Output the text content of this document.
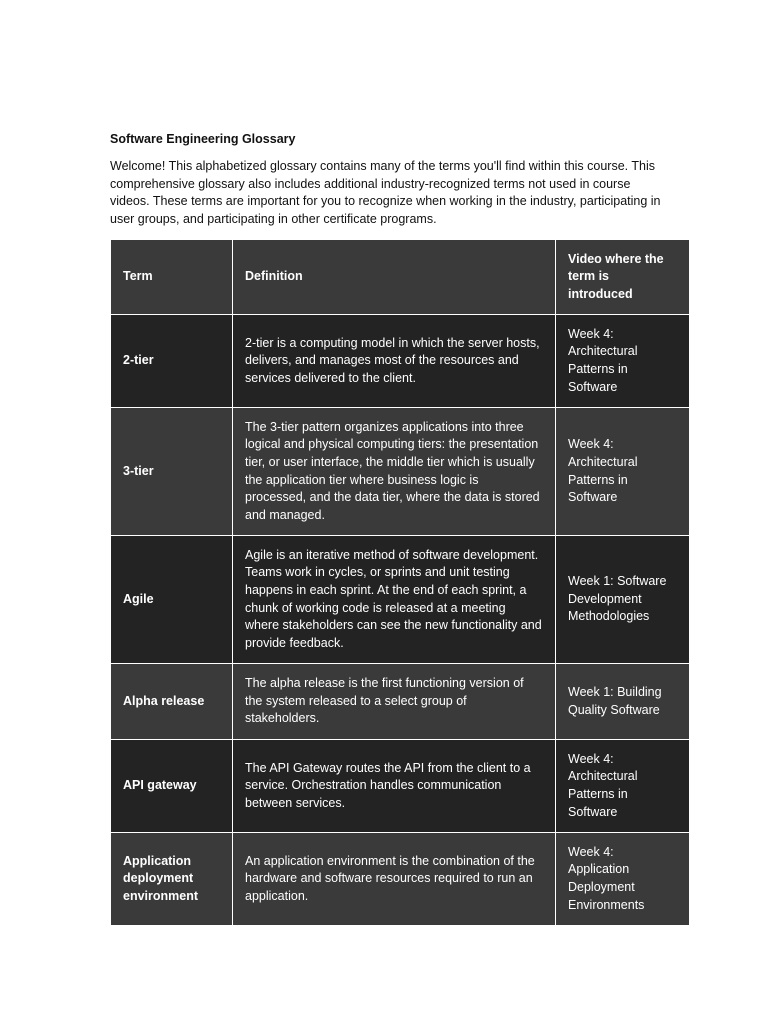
Software Engineering Glossary
Welcome! This alphabetized glossary contains many of the terms you'll find within this course. This comprehensive glossary also includes additional industry-recognized terms not used in course videos. These terms are important for you to recognize when working in the industry, participating in user groups, and participating in other certificate programs.
Term	Definition	Video where the term is introduced
2-tier	2-tier is a computing model in which the server hosts, delivers, and manages most of the resources and services delivered to the client.	Week 4: Architectural Patterns in Software
3-tier	The 3-tier pattern organizes applications into three logical and physical computing tiers: the presentation tier, or user interface, the middle tier which is usually the application tier where business logic is processed, and the data tier, where the data is stored and managed.	Week 4: Architectural Patterns in Software
Agile	Agile is an iterative method of software development. Teams work in cycles, or sprints and unit testing happens in each sprint. At the end of each sprint, a chunk of working code is released at a meeting where stakeholders can see the new functionality and provide feedback.	Week 1: Software Development Methodologies
Alpha release	The alpha release is the first functioning version of the system released to a select group of stakeholders.	Week 1: Building Quality Software
API gateway	The API Gateway routes the API from the client to a service. Orchestration handles communication between services.	Week 4: Architectural Patterns in Software
Application deployment environment	An application environment is the combination of the hardware and software resources required to run an application.	Week 4: Application Deployment Environments
